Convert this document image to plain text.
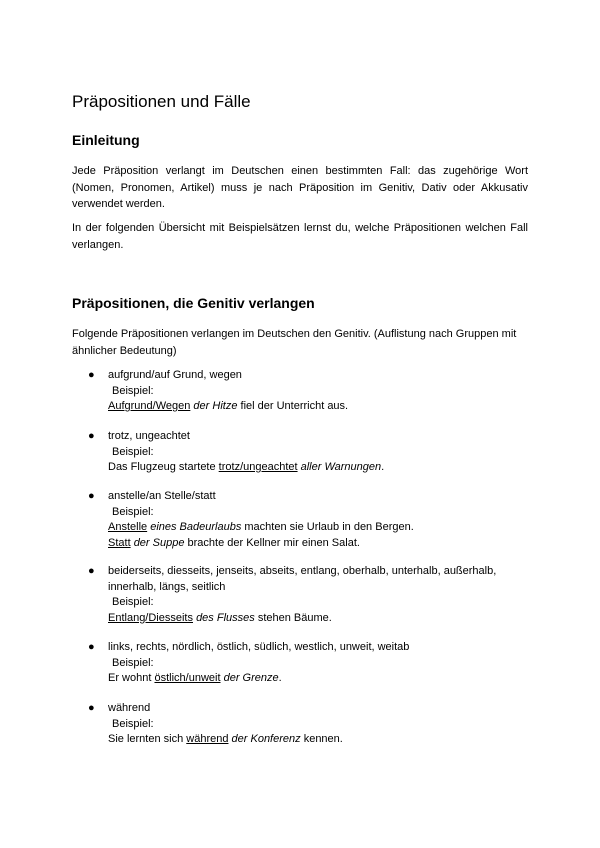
Präpositionen und Fälle
Einleitung

Jede Präposition verlangt im Deutschen einen bestimmten Fall: das zugehörige Wort (Nomen, Pronomen, Artikel) muss je nach Präposition im Genitiv, Dativ oder Akkusativ verwendet werden.

In der folgenden Übersicht mit Beispielsätzen lernst du, welche Präpositionen welchen Fall verlangen.

Präpositionen, die Genitiv verlangen

Folgende Präpositionen verlangen im Deutschen den Genitiv. (Auflistung nach Gruppen mit ähnlicher Bedeutung)

●	aufgrund/auf Grund, wegen
Beispiel:
Aufgrund/Wegen der Hitze fiel der Unterricht aus.
●	trotz, ungeachtet
Beispiel:
Das Flugzeug startete trotz/ungeachtet aller Warnungen.
●	anstelle/an Stelle/statt
Beispiel:
Anstelle eines Badeurlaubs machten sie Urlaub in den Bergen.
Statt der Suppe brachte der Kellner mir einen Salat.
●	beiderseits, diesseits, jenseits, abseits, entlang, oberhalb, unterhalb, außerhalb, innerhalb, längs, seitlich
Beispiel:
Entlang/Diesseits des Flusses stehen Bäume.
●	links, rechts, nördlich, östlich, südlich, westlich, unweit, weitab
Beispiel:
Er wohnt östlich/unweit der Grenze.
●	während
Beispiel:
Sie lernten sich während der Konferenz kennen.
